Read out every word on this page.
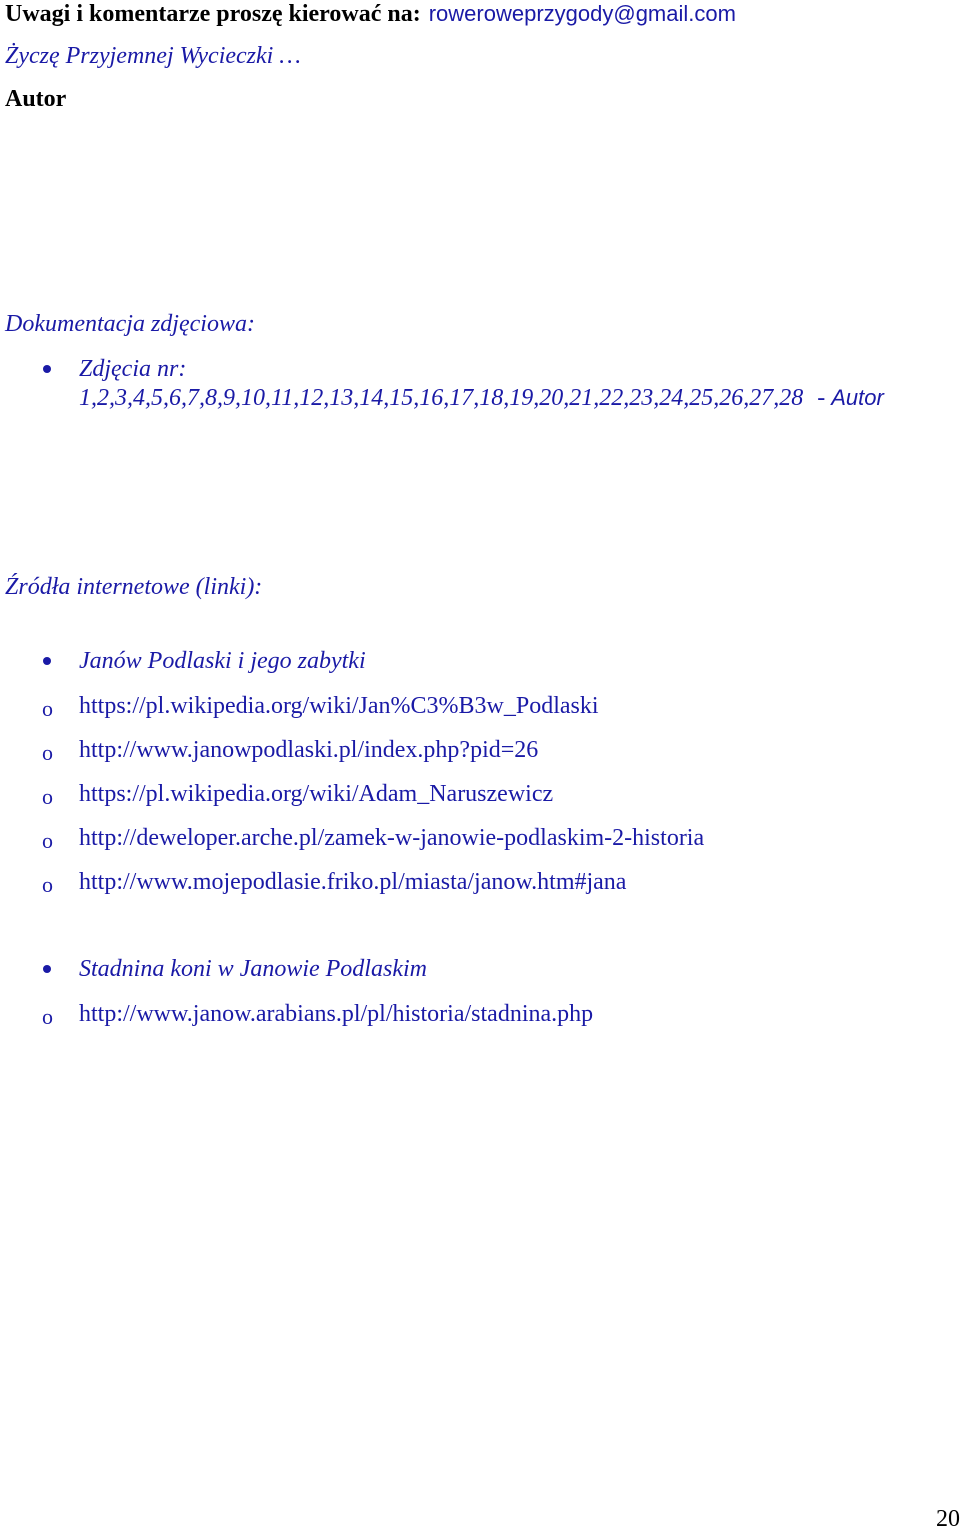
Uwagi i komentarze proszę kierować na: roweroweprzygody@gmail.com
Życzę Przyjemnej Wycieczki …
Autor
Dokumentacja zdjęciowa:
Zdjęcia nr:
1,2,3,4,5,6,7,8,9,10,11,12,13,14,15,16,17,18,19,20,21,22,23,24,25,26,27,28 - Autor
Źródła internetowe (linki):
Janów Podlaski i jego zabytki
o https://pl.wikipedia.org/wiki/Jan%C3%B3w_Podlaski
o http://www.janowpodlaski.pl/index.php?pid=26
o https://pl.wikipedia.org/wiki/Adam_Naruszewicz
o http://deweloper.arche.pl/zamek-w-janowie-podlaskim-2-historia
o http://www.mojepodlasie.friko.pl/miasta/janow.htm#jana
Stadnina koni w Janowie Podlaskim
o http://www.janow.arabians.pl/pl/historia/stadnina.php
20
